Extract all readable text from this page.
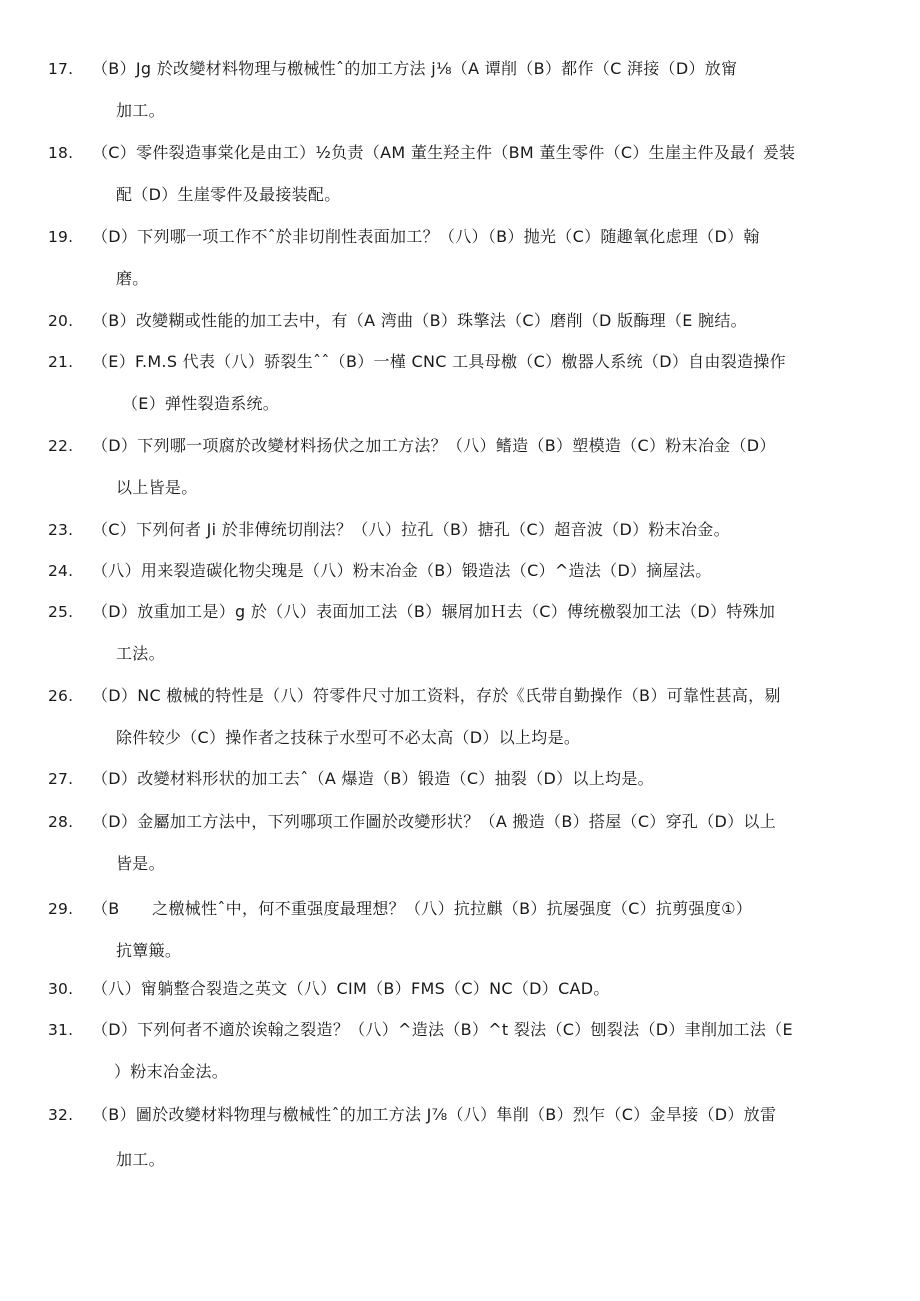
17. （B）Jg 於改變材料物理与檄械性ˆ的加工方法 j⅛（A 谭削（B）都作（C 湃接（D）放甯
加工。
18. （C）零件裂造事棠化是由工）½负责（AM 董生羟主件（BM 董生零件（C）生崖主件及最亻爰装
配（D）生崖零件及最接装配。
19. （D）下列哪一项工作不ˆ於非切削性表面加工？（八）（B）抛光（C）随趣氧化虑理（D）翰
磨。
20. （B）改變糊或性能的加工去中，有（A 湾曲（B）珠擎法（C）磨削（D 版酶理（E 腕结。
21. （E）F.M.S 代表（八）骄裂生ˆˆ（B）一槿 CNC 工具母檄（C）檄器人系统（D）自由裂造操作
（E）弹性裂造系统。
22. （D）下列哪一项腐於改變材料扬伏之加工方法？（八）鳍造（B）塑模造（C）粉末冶金（D）
以上皆是。
23. （C）下列何者 Ji 於非傅统切削法？（八）拉孔（B）搪孔（C）超音波（D）粉末冶金。
24. （八）用来裂造碳化物尖瑰是（八）粉末冶金（B）锻造法（C）^造法（D）摘屋法。
25. （D）放重加工是）g 於（八）表面加工法（B）辗屑加Ｈ去（C）傅统檄裂加工法（D）特殊加
工法。
26. （D）NC 檄械的特性是（八）符零件尺寸加工资料，存於《氏带自勤操作（B）可靠性甚高，剔
除件较少（C）操作者之技秣亍水型可不必太高（D）以上均是。
27. （D）改變材料形状的加工去ˆ（A 爆造（B）锻造（C）抽裂（D）以上均是。
28. （D）金屬加工方法中，下列哪项工作圖於改變形状？（A 搬造（B）搭屋（C）穿孔（D）以上
皆是。
29. （B　　之檄械性ˆ中，何不重强度最理想？（八）抗拉麒（B）抗屡强度（C）抗剪强度①）
抗簟簸。
30. （八）甯躺整合裂造之英文（八）CIM（B）FMS（C）NC（D）CAD。
31. （D）下列何者不適於诶翰之裂造？（八）^造法（B）^t 裂法（C）刨裂法（D）聿削加工法（E
）粉末冶金法。
32. （B）圖於改變材料物理与檄械性ˆ的加工方法 J⅞（八）隼削（B）烈乍（C）金旱接（D）放雷
加工。
